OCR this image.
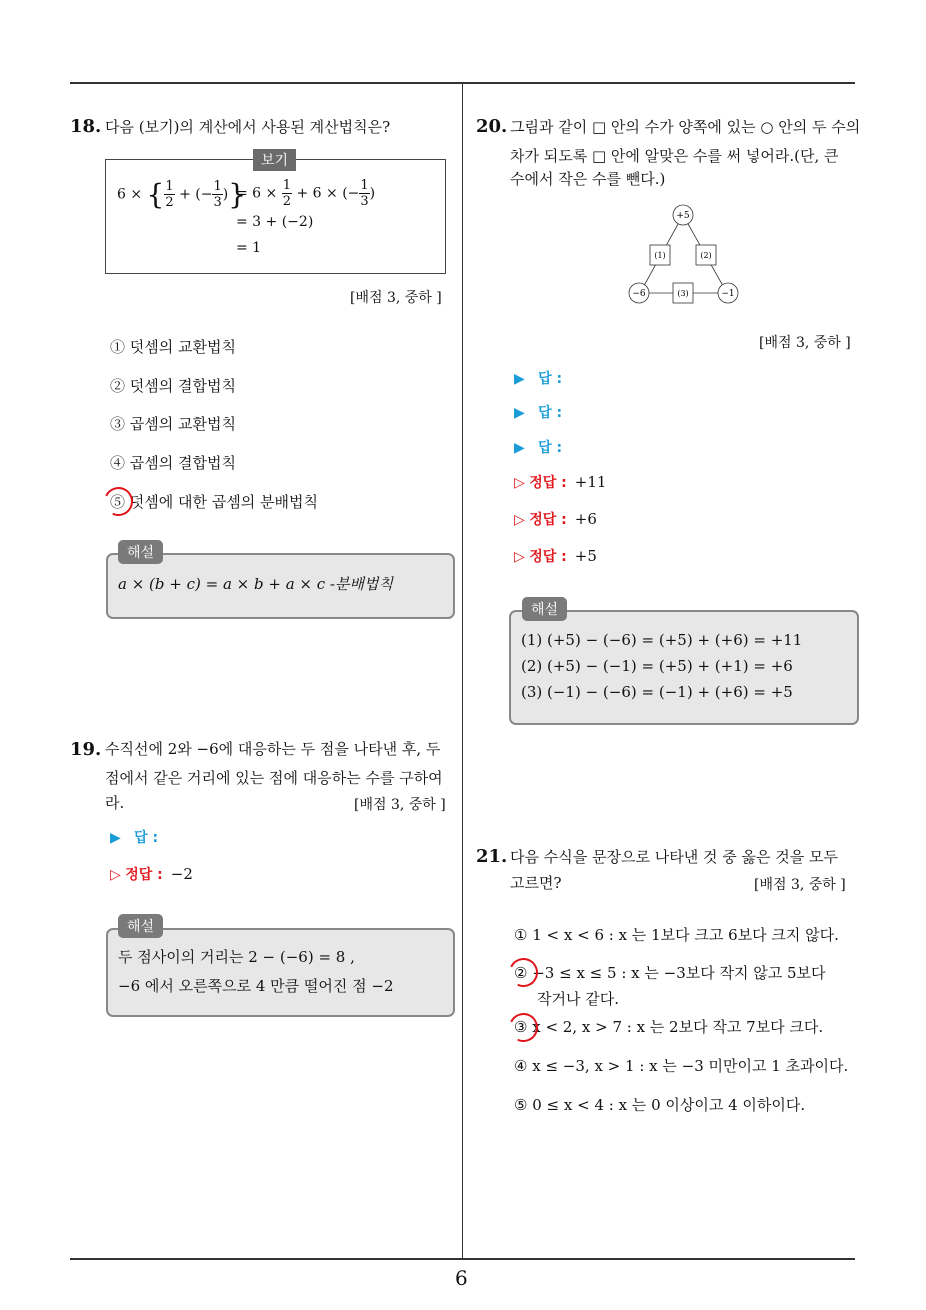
6
18. 다음 (보기)의 계산에서 사용된 계산법칙은?
보기
6 × { $\frac{1}{2}$ + (− $\frac{1}{3}$ )}
= $6 \times \frac{1}{2} + 6$ × (− $\frac{1}{3}$ )
= 3 + (−2)
= 1
[배점 3, 중하 ]
① 덧셈의 교환법칙
② 덧셈의 결합법칙
③ 곱셈의 교환법칙
④ 곱셈의 결합법칙
⑤ 덧셈에 대한 곱셈의 분배법칙
해설
a × (b + c) = a × b + a × c -분배법칙
19. 수직선에 2와 −6에 대응하는 두 점을 나타낸 후, 두
점에서 같은 거리에 있는 점에 대응하는 수를 구하여
라.	[배점 3, 중하 ]
▶ 답 :
▷ 정답 : −2
해설
두 점사이의 거리는 2 − (−6) = 8 ,
−6 에서 오른쪽으로 4 만큼 떨어진 점 −2
20. 그림과 같이 □ 안의 수가 양쪽에 있는 ○ 안의 두 수의
차가 되도록 □ 안에 알맞은 수를 써 넣어라.(단, 큰
수에서 작은 수를 뺀다.)
+5
−6	−1
(1)	(2)
(3)
[배점 3, 중하 ]
▶ 답 :
▶ 답 :
▶ 답 :
▷ 정답 : +11
▷ 정답 : +6
▷ 정답 : +5
해설
(1) (+5) − (−6) = (+5) + (+6) = +11
(2) (+5) − (−1) = (+5) + (+1) = +6
(3) (−1) − (−6) = (−1) + (+6) = +5
21. 다음 수식을 문장으로 나타낸 것 중 옳은 것을 모두
고르면?	[배점 3, 중하 ]
① 1 < x < 6 : x 는 1보다 크고 6보다 크지 않다.
② −3 ≤ x ≤ 5 : x 는 −3보다 작지 않고 5보다
작거나 같다.
③ x < 2, x > 7 : x 는 2보다 작고 7보다 크다.
④ x ≤ −3, x > 1 : x 는 −3 미만이고 1 초과이다.
⑤ 0 ≤ x < 4 : x 는 0 이상이고 4 이하이다.
